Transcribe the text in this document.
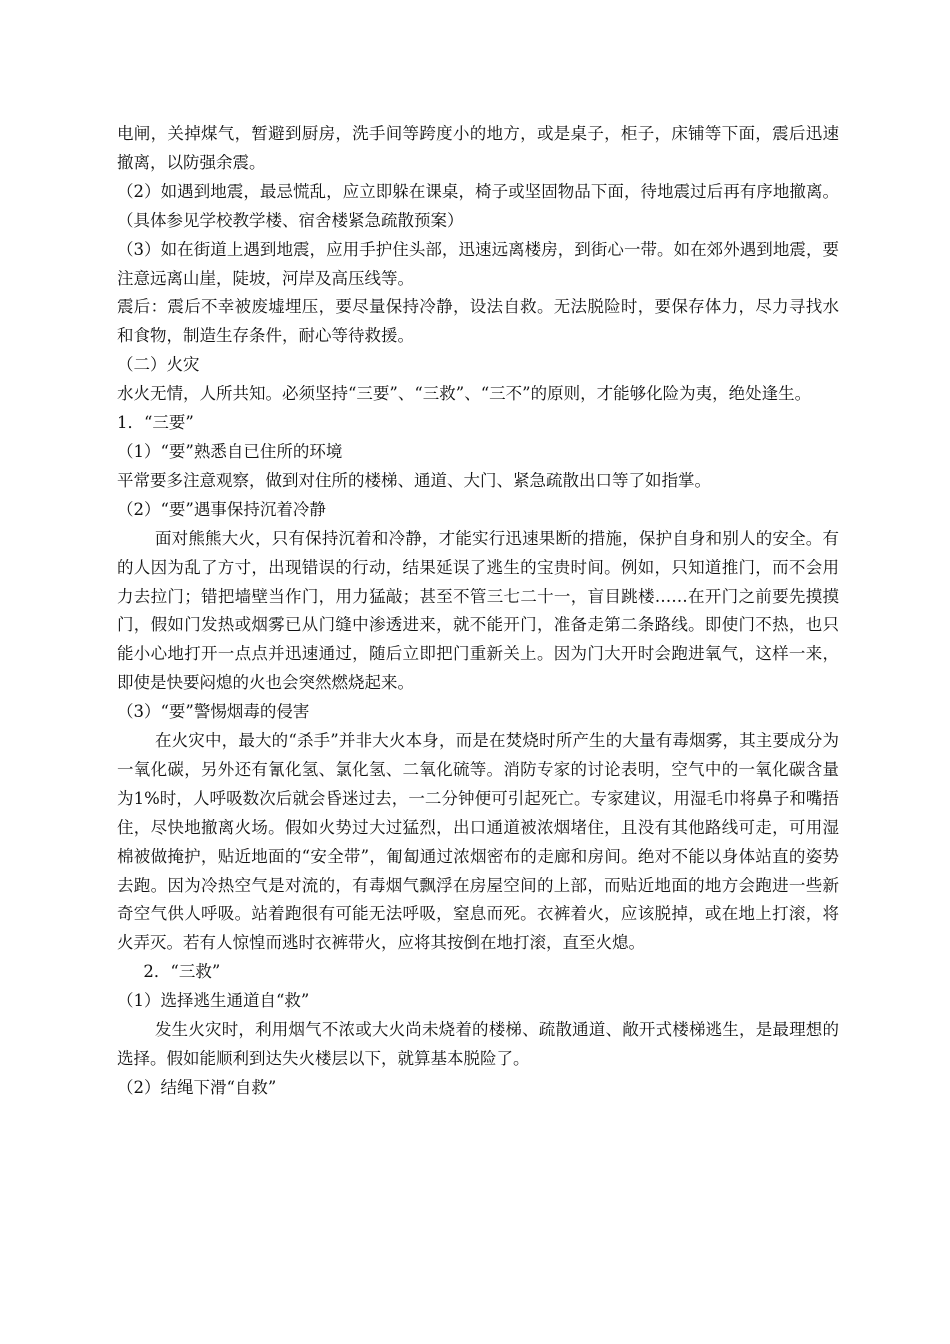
电闸，关掉煤气，暂避到厨房，洗手间等跨度小的地方，或是桌子，柜子，床铺等下面，震后迅速撤离，以防强余震。

（2）如遇到地震，最忌慌乱，应立即躲在课桌，椅子或坚固物品下面，待地震过后再有序地撤离。（具体参见学校教学楼、宿舍楼紧急疏散预案）

（3）如在街道上遇到地震，应用手护住头部，迅速远离楼房，到街心一带。如在郊外遇到地震，要注意远离山崖，陡坡，河岸及高压线等。

震后：震后不幸被废墟埋压，要尽量保持冷静，设法自救。无法脱险时，要保存体力，尽力寻找水和食物，制造生存条件，耐心等待救援。

（二）火灾

水火无情，人所共知。必须坚持“三要”、“三救”、“三不”的原则，才能够化险为夷，绝处逢生。

1．“三要”

（1）“要”熟悉自已住所的环境

平常要多注意观察，做到对住所的楼梯、通道、大门、紧急疏散出口等了如指掌。

（2）“要”遇事保持沉着冷静

面对熊熊大火，只有保持沉着和冷静，才能实行迅速果断的措施，保护自身和别人的安全。有的人因为乱了方寸，出现错误的行动，结果延误了逃生的宝贵时间。例如，只知道推门，而不会用力去拉门；错把墙壁当作门，用力猛敲；甚至不管三七二十一，盲目跳楼……在开门之前要先摸摸门，假如门发热或烟雾已从门缝中渗透进来，就不能开门，准备走第二条路线。即使门不热，也只能小心地打开一点点并迅速通过，随后立即把门重新关上。因为门大开时会跑进氧气，这样一来，即使是快要闷熄的火也会突然燃烧起来。

（3）“要”警惕烟毒的侵害

在火灾中，最大的“杀手”并非大火本身，而是在焚烧时所产生的大量有毒烟雾，其主要成分为一氧化碳，另外还有氰化氢、氯化氢、二氧化硫等。消防专家的讨论表明，空气中的一氧化碳含量为1%时，人呼吸数次后就会昏迷过去，一二分钟便可引起死亡。专家建议，用湿毛巾将鼻子和嘴捂住，尽快地撤离火场。假如火势过大过猛烈，出口通道被浓烟堵住，且没有其他路线可走，可用湿棉被做掩护，贴近地面的“安全带”，匍匐通过浓烟密布的走廊和房间。绝对不能以身体站直的姿势去跑。因为冷热空气是对流的，有毒烟气飘浮在房屋空间的上部，而贴近地面的地方会跑进一些新奇空气供人呼吸。站着跑很有可能无法呼吸，窒息而死。衣裤着火，应该脱掉，或在地上打滚，将火弄灭。若有人惊惶而逃时衣裤带火，应将其按倒在地打滚，直至火熄。

2．“三救”

（1）选择逃生通道自“救”

发生火灾时，利用烟气不浓或大火尚未烧着的楼梯、疏散通道、敞开式楼梯逃生，是最理想的选择。假如能顺利到达失火楼层以下，就算基本脱险了。

（2）结绳下滑“自救”
